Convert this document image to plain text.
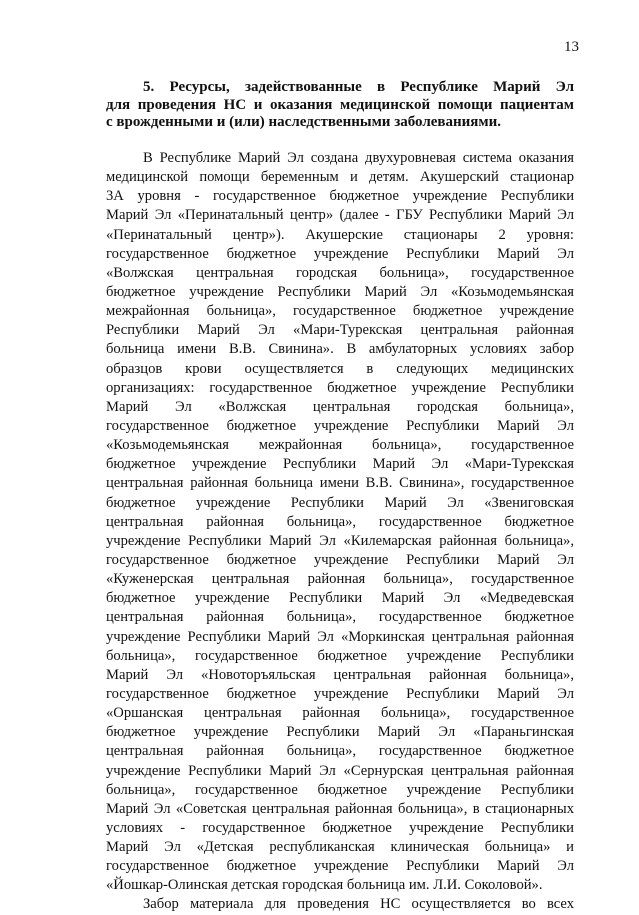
13
5. Ресурсы, задействованные в Республике Марий Эл
для проведения НС и оказания медицинской помощи пациентам
с врожденными и (или) наследственными заболеваниями.
В Республике Марий Эл создана двухуровневая система оказания
медицинской помощи беременным и детям. Акушерский стационар
3А уровня - государственное бюджетное учреждение Республики
Марий Эл «Перинатальный центр» (далее - ГБУ Республики Марий Эл
«Перинатальный центр»). Акушерские стационары 2 уровня:
государственное бюджетное учреждение Республики Марий Эл
«Волжская центральная городская больница», государственное
бюджетное учреждение Республики Марий Эл «Козьмодемьянская
межрайонная больница», государственное бюджетное учреждение
Республики Марий Эл «Мари-Турекская центральная районная
больница имени В.В. Свинина». В амбулаторных условиях забор
образцов крови осуществляется в следующих медицинских
организациях: государственное бюджетное учреждение Республики
Марий Эл «Волжская центральная городская больница»,
государственное бюджетное учреждение Республики Марий Эл
«Козьмодемьянская межрайонная больница», государственное
бюджетное учреждение Республики Марий Эл «Мари-Турекская
центральная районная больница имени В.В. Свинина», государственное
бюджетное учреждение Республики Марий Эл «Звениговская
центральная районная больница», государственное бюджетное
учреждение Республики Марий Эл «Килемарская районная больница»,
государственное бюджетное учреждение Республики Марий Эл
«Куженерская центральная районная больница», государственное
бюджетное учреждение Республики Марий Эл «Медведевская
центральная районная больница», государственное бюджетное
учреждение Республики Марий Эл «Моркинская центральная районная
больница», государственное бюджетное учреждение Республики
Марий Эл «Новоторъяльская центральная районная больница»,
государственное бюджетное учреждение Республики Марий Эл
«Оршанская центральная районная больница», государственное
бюджетное учреждение Республики Марий Эл «Параньгинская
центральная районная больница», государственное бюджетное
учреждение Республики Марий Эл «Сернурская центральная районная
больница», государственное бюджетное учреждение Республики
Марий Эл «Советская центральная районная больница», в стационарных
условиях - государственное бюджетное учреждение Республики
Марий Эл «Детская республиканская клиническая больница» и
государственное бюджетное учреждение Республики Марий Эл
«Йошкар-Олинская детская городская больница им. Л.И. Соколовой».
Забор материала для проведения НС осуществляется во всех
